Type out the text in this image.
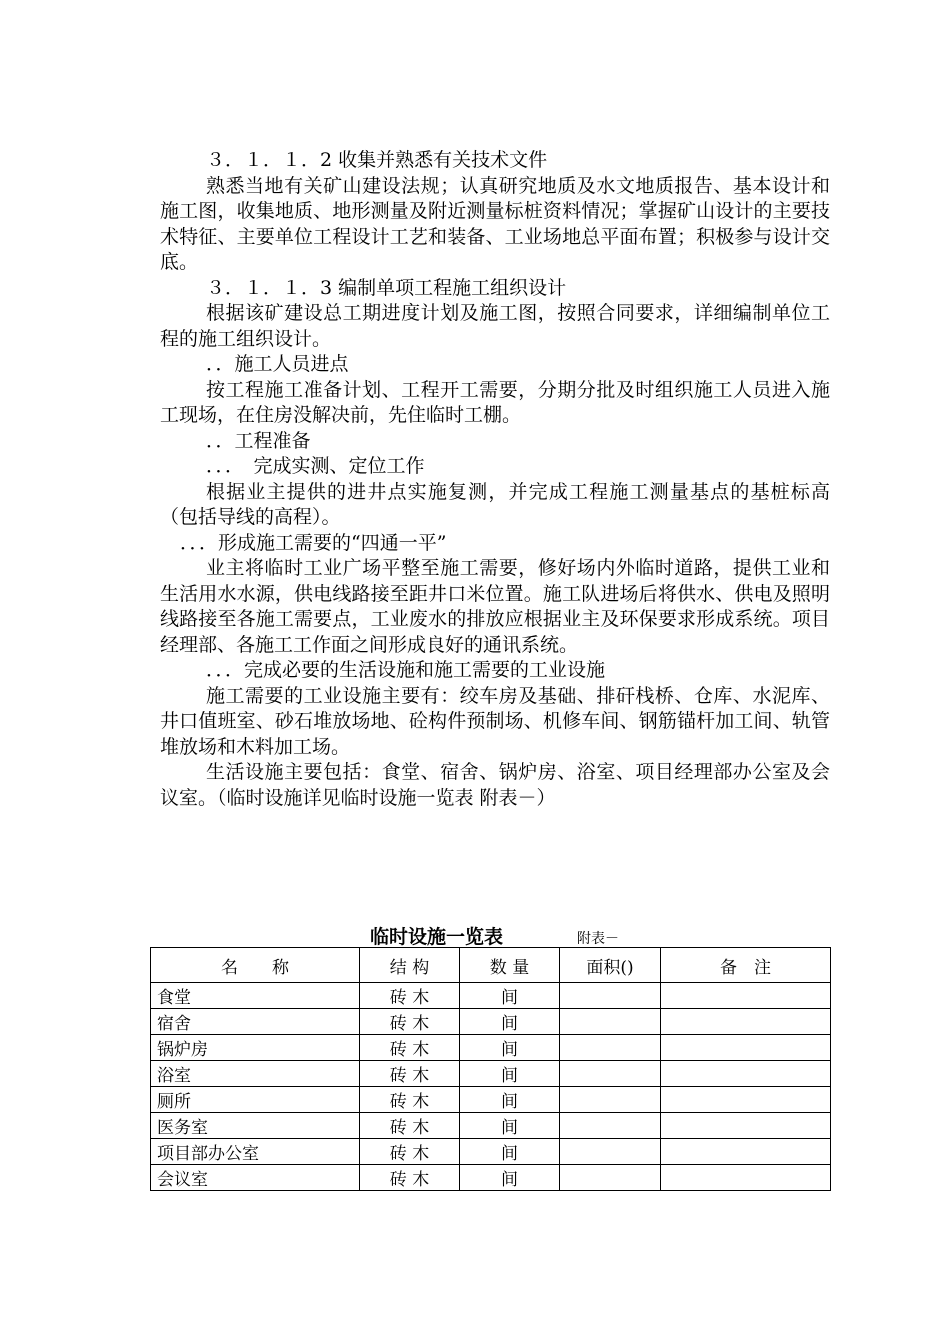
３．１．１．2 收集并熟悉有关技术文件

熟悉当地有关矿山建设法规；认真研究地质及水文地质报告、基本设计和施工图，收集地质、地形测量及附近测量标桩资料情况；掌握矿山设计的主要技术特征、主要单位工程设计工艺和装备、工业场地总平面布置；积极参与设计交底。

３．１．１．3 编制单项工程施工组织设计

根据该矿建设总工期进度计划及施工图，按照合同要求，详细编制单位工程的施工组织设计。

．．施工人员进点

按工程施工准备计划、工程开工需要，分期分批及时组织施工人员进入施工现场，在住房没解决前，先住临时工棚。

．．工程准备

．．．　完成实测、定位工作

根据业主提供的进井点实施复测，并完成工程施工测量基点的基桩标高（包括导线的高程）。

．．．形成施工需要的“四通一平”

业主将临时工业广场平整至施工需要，修好场内外临时道路，提供工业和生活用水水源，供电线路接至距井口米位置。施工队进场后将供水、供电及照明线路接至各施工需要点，工业废水的排放应根据业主及环保要求形成系统。项目经理部、各施工工作面之间形成良好的通讯系统。

．．．完成必要的生活设施和施工需要的工业设施

施工需要的工业设施主要有：绞车房及基础、排矸栈桥、仓库、水泥库、井口值班室、砂石堆放场地、砼构件预制场、机修车间、钢筋锚杆加工间、轨管堆放场和木料加工场。

生活设施主要包括：食堂、宿舍、锅炉房、浴室、项目经理部办公室及会议室。（临时设施详见临时设施一览表 附表－）

临时设施一览表	附表－
名　　称	结 构	数 量	面积()	备　注
食堂	砖 木	间		
宿舍	砖 木	间		
锅炉房	砖 木	间		
浴室	砖 木	间		
厕所	砖 木	间		
医务室	砖 木	间		
项目部办公室	砖 木	间		
会议室	砖 木	间		
